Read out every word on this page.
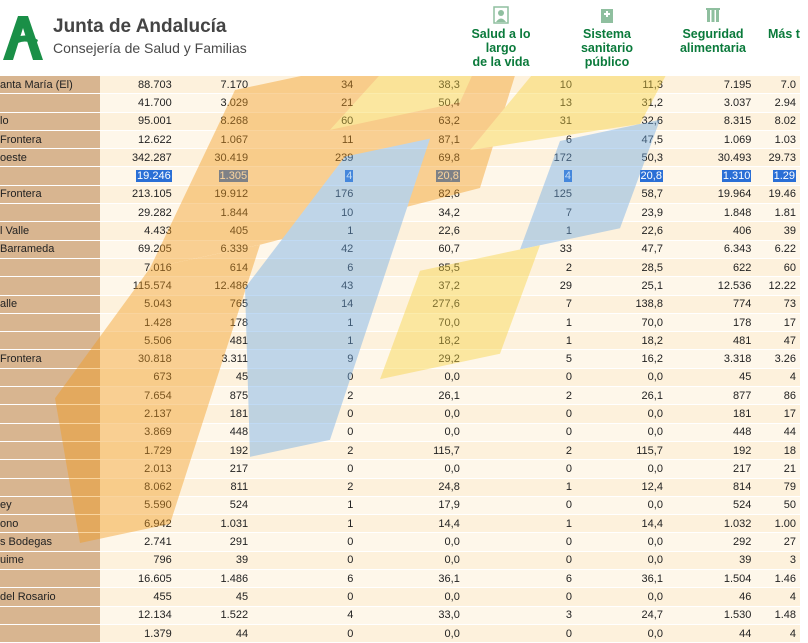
Junta de Andalucía
Consejería de Salud y Familias
Salud a lo largo
de la vida
Sistema
sanitario
público
Seguridad
alimentaria
Más t
anta María (El)	88.703	7.170	34	38,3	10	11,3	7.195	7.0
	41.700	3.029	21	50,4	13	31,2	3.037	2.94
lo	95.001	8.268	60	63,2	31	32,6	8.315	8.02
Frontera	12.622	1.067	11	87,1	6	47,5	1.069	1.03
oeste	342.287	30.419	239	69,8	172	50,3	30.493	29.73
	19.246	1.305	4	20,8	4	20,8	1.310	1.29
Frontera	213.105	19.912	176	82,6	125	58,7	19.964	19.46
	29.282	1.844	10	34,2	7	23,9	1.848	1.81
l Valle	4.433	405	1	22,6	1	22,6	406	39
Barrameda	69.205	6.339	42	60,7	33	47,7	6.343	6.22
	7.016	614	6	85,5	2	28,5	622	60
	115.574	12.486	43	37,2	29	25,1	12.536	12.22
alle	5.043	765	14	277,6	7	138,8	774	73
	1.428	178	1	70,0	1	70,0	178	17
	5.506	481	1	18,2	1	18,2	481	47
Frontera	30.818	3.311	9	29,2	5	16,2	3.318	3.26
	673	45	0	0,0	0	0,0	45	4
	7.654	875	2	26,1	2	26,1	877	86
	2.137	181	0	0,0	0	0,0	181	17
	3.869	448	0	0,0	0	0,0	448	44
	1.729	192	2	115,7	2	115,7	192	18
	2.013	217	0	0,0	0	0,0	217	21
	8.062	811	2	24,8	1	12,4	814	79
ey	5.590	524	1	17,9	0	0,0	524	50
ono	6.942	1.031	1	14,4	1	14,4	1.032	1.00
s Bodegas	2.741	291	0	0,0	0	0,0	292	27
uime	796	39	0	0,0	0	0,0	39	3
	16.605	1.486	6	36,1	6	36,1	1.504	1.46
del Rosario	455	45	0	0,0	0	0,0	46	4
	12.134	1.522	4	33,0	3	24,7	1.530	1.48
	1.379	44	0	0,0	0	0,0	44	4
